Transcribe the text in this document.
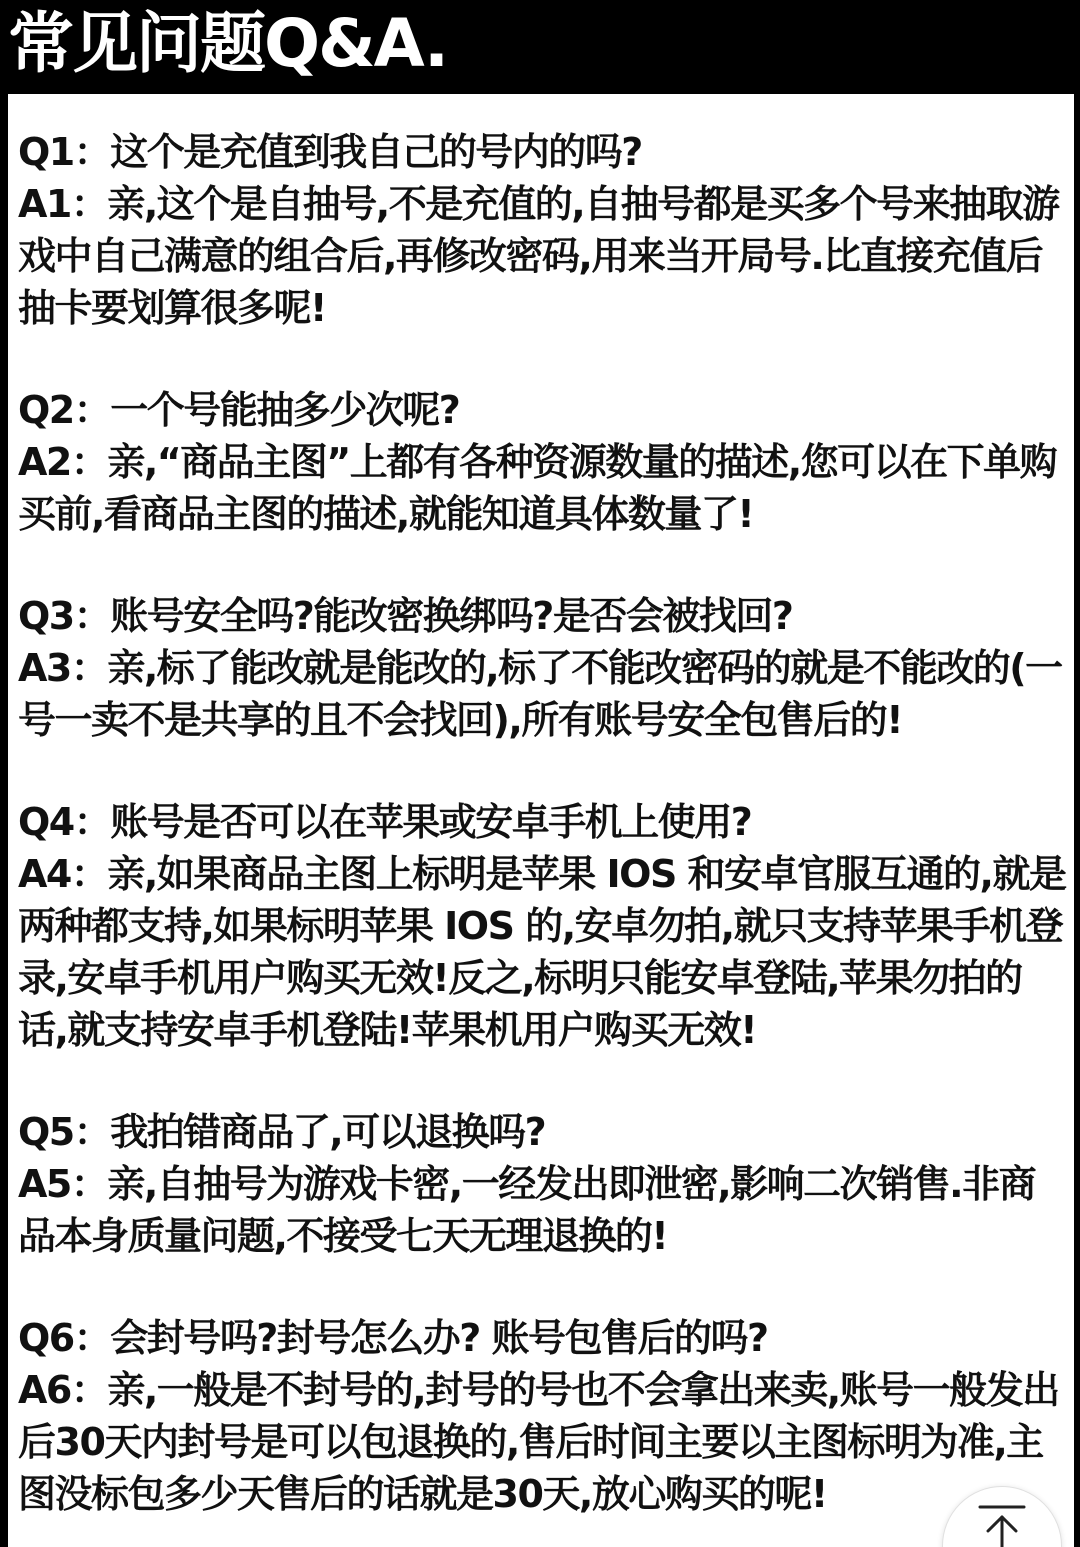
常见问题Q&A.

Q1：这个是充值到我自己的号内的吗?

A1：亲,这个是自抽号,不是充值的,自抽号都是买多个号来抽取游戏中自己满意的组合后,再修改密码,用来当开局号.比直接充值后抽卡要划算很多呢!

Q2：一个号能抽多少次呢?

A2：亲,“商品主图”上都有各种资源数量的描述,您可以在下单购买前,看商品主图的描述,就能知道具体数量了!

Q3：账号安全吗?能改密换绑吗?是否会被找回?

A3：亲,标了能改就是能改的,标了不能改密码的就是不能改的(一号一卖不是共享的且不会找回),所有账号安全包售后的!

Q4：账号是否可以在苹果或安卓手机上使用?

A4：亲,如果商品主图上标明是苹果 IOS 和安卓官服互通的,就是两种都支持,如果标明苹果 IOS 的,安卓勿拍,就只支持苹果手机登录,安卓手机用户购买无效!反之,标明只能安卓登陆,苹果勿拍的话,就支持安卓手机登陆!苹果机用户购买无效!

Q5：我拍错商品了,可以退换吗?

A5：亲,自抽号为游戏卡密,一经发出即泄密,影响二次销售.非商品本身质量问题,不接受七天无理退换的!

Q6：会封号吗?封号怎么办? 账号包售后的吗?

A6：亲,一般是不封号的,封号的号也不会拿出来卖,账号一般发出后30天内封号是可以包退换的,售后时间主要以主图标明为准,主图没标包多少天售后的话就是30天,放心购买的呢!
